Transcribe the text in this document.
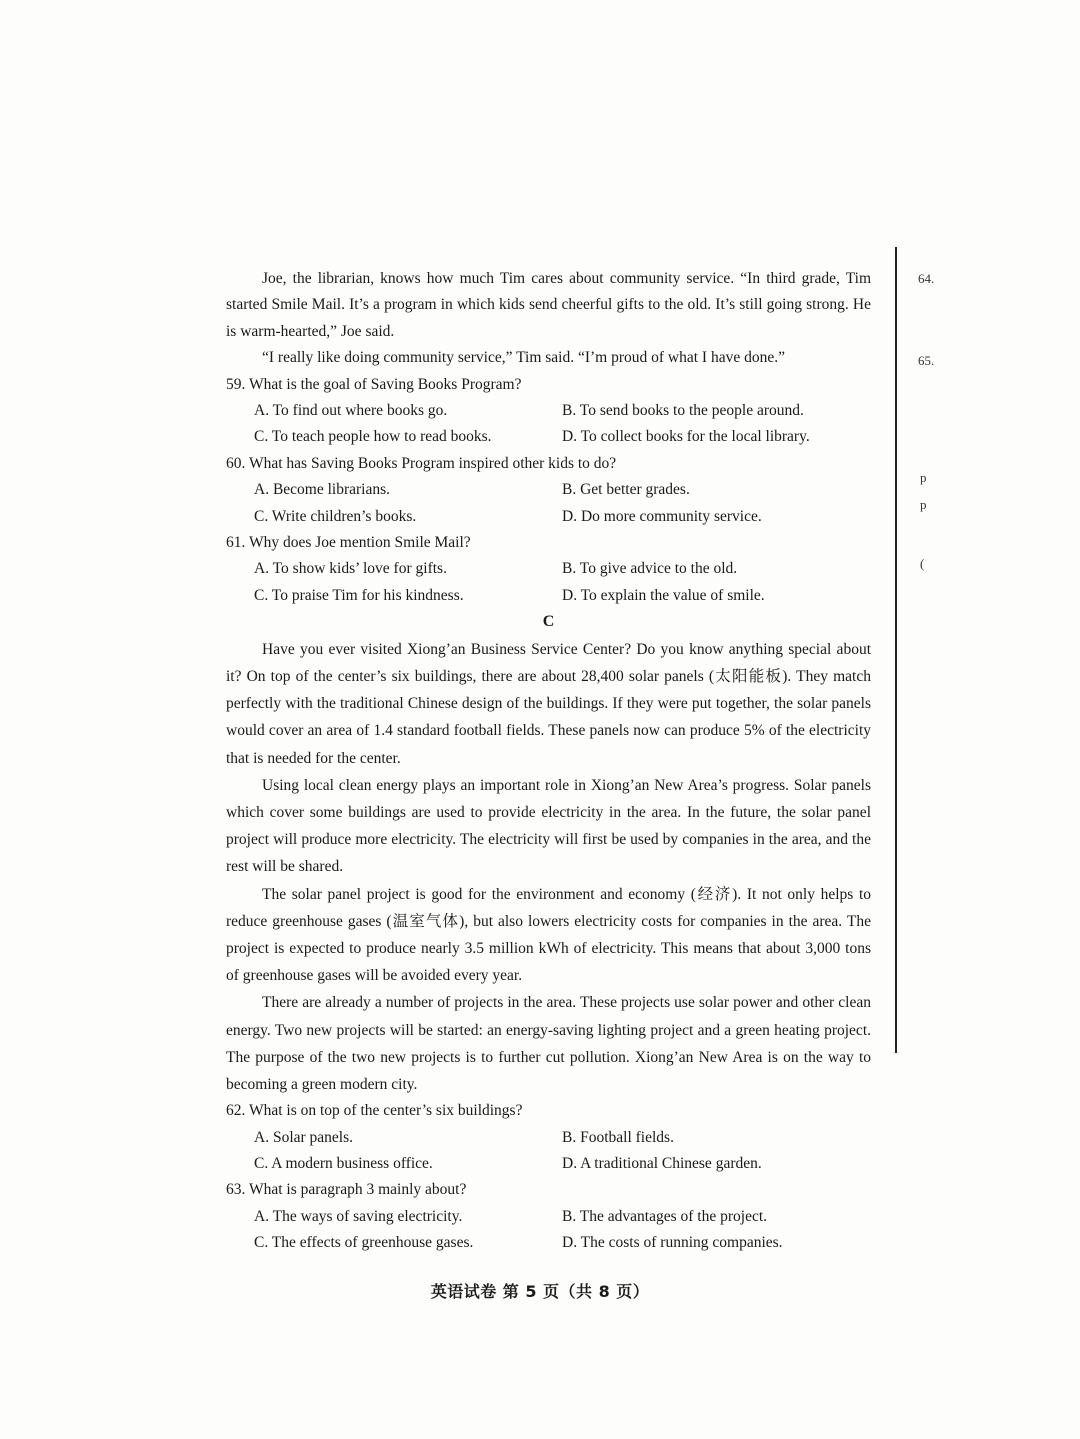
Joe, the librarian, knows how much Tim cares about community service. “In third grade, Tim started Smile Mail. It’s a program in which kids send cheerful gifts to the old. It’s still going strong. He is warm-hearted,” Joe said.

“I really like doing community service,” Tim said. “I’m proud of what I have done.”

59. What is the goal of Saving Books Program?

A. To find out where books go.	B. To send books to the people around.

C. To teach people how to read books.	D. To collect books for the local library.

60. What has Saving Books Program inspired other kids to do?

A. Become librarians.	B. Get better grades.

C. Write children’s books.	D. Do more community service.

61. Why does Joe mention Smile Mail?

A. To show kids’ love for gifts.	B. To give advice to the old.

C. To praise Tim for his kindness.	D. To explain the value of smile.

C

Have you ever visited Xiong’an Business Service Center? Do you know anything special about it? On top of the center’s six buildings, there are about 28,400 solar panels (太阳能板). They match perfectly with the traditional Chinese design of the buildings. If they were put together, the solar panels would cover an area of 1.4 standard football fields. These panels now can produce 5% of the electricity that is needed for the center.

Using local clean energy plays an important role in Xiong’an New Area’s progress. Solar panels which cover some buildings are used to provide electricity in the area. In the future, the solar panel project will produce more electricity. The electricity will first be used by companies in the area, and the rest will be shared.

The solar panel project is good for the environment and economy (经济). It not only helps to reduce greenhouse gases (温室气体), but also lowers electricity costs for companies in the area. The project is expected to produce nearly 3.5 million kWh of electricity. This means that about 3,000 tons of greenhouse gases will be avoided every year.

There are already a number of projects in the area. These projects use solar power and other clean energy. Two new projects will be started: an energy-saving lighting project and a green heating project. The purpose of the two new projects is to further cut pollution. Xiong’an New Area is on the way to becoming a green modern city.

62. What is on top of the center’s six buildings?

A. Solar panels.	B. Football fields.

C. A modern business office.	D. A traditional Chinese garden.

63. What is paragraph 3 mainly about?

A. The ways of saving electricity.	B. The advantages of the project.

C. The effects of greenhouse gases.	D. The costs of running companies.

64.
65.
p
p
(
英语试卷 第 5 页（共 8 页）
